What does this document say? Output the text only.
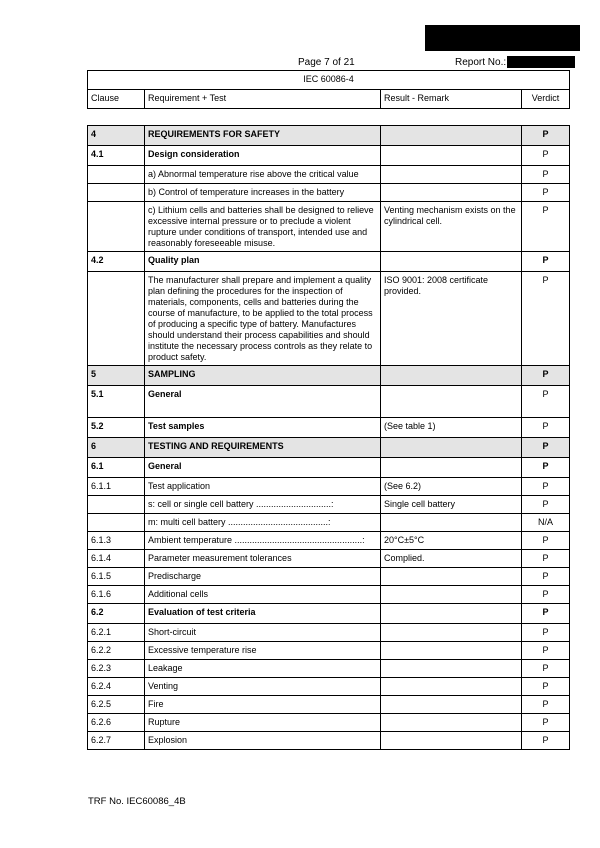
Page 7 of 21	Report No.:
IEC 60086-4
Clause	Requirement + Test	Result - Remark	Verdict
4	REQUIREMENTS FOR SAFETY		P
4.1	Design consideration		P
	a) Abnormal temperature rise above the critical value		P
	b) Control of temperature increases in the battery		P
	c) Lithium cells and batteries shall be designed to relieve excessive internal pressure or to preclude a violent rupture under conditions of transport, intended use and reasonably foreseeable misuse.	Venting mechanism exists on the cylindrical cell.	P
4.2	Quality plan		P
	The manufacturer shall prepare and implement a quality plan defining the procedures for the inspection of materials, components, cells and batteries during the course of manufacture, to be applied to the total process of producing a specific type of battery. Manufactures should understand their process capabilities and should institute the necessary process controls as they relate to product safety.	ISO 9001: 2008 certificate provided.	P
5	SAMPLING		P
5.1	General		P
5.2	Test samples	(See table 1)	P
6	TESTING AND REQUIREMENTS		P
6.1	General		P
6.1.1	Test application	(See 6.2)	P
	s: cell or single cell battery ..............................:	Single cell battery	P
	m: multi cell battery ........................................:		N/A
6.1.3	Ambient temperature ...................................................:	20°C±5°C	P
6.1.4	Parameter measurement tolerances	Complied.	P
6.1.5	Predischarge		P
6.1.6	Additional cells		P
6.2	Evaluation of test criteria		P
6.2.1	Short-circuit		P
6.2.2	Excessive temperature rise		P
6.2.3	Leakage		P
6.2.4	Venting		P
6.2.5	Fire		P
6.2.6	Rupture		P
6.2.7	Explosion		P
TRF No. IEC60086_4B
